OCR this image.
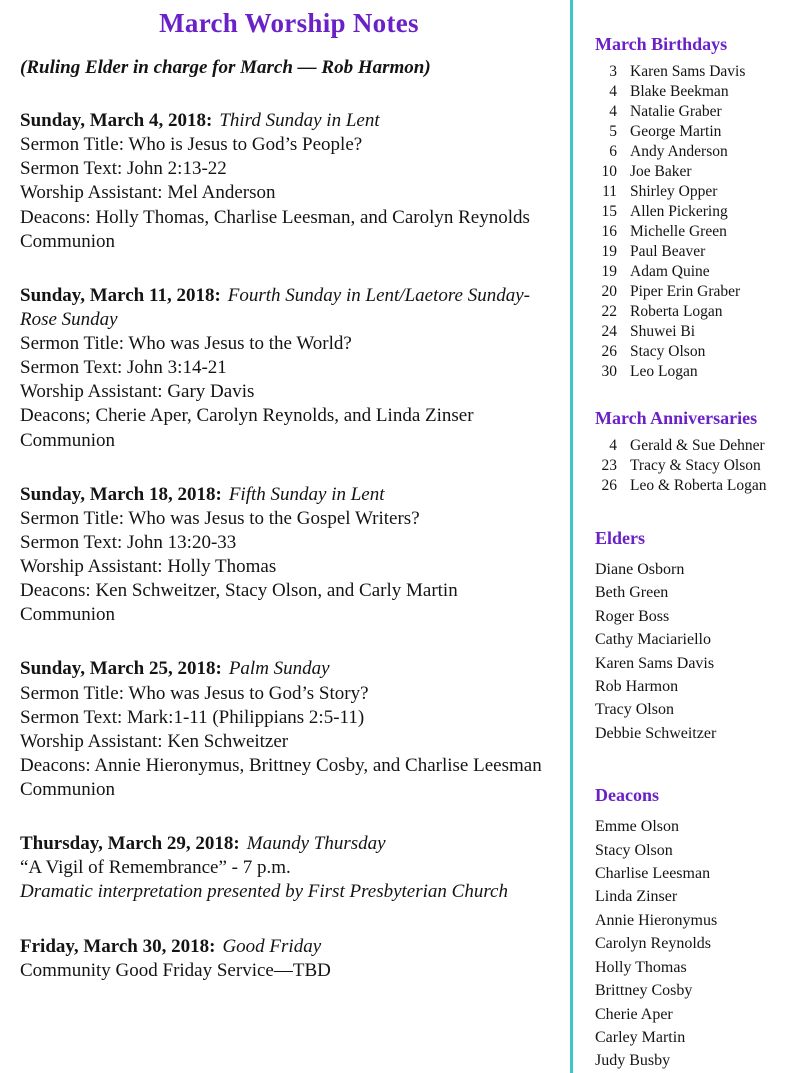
March Worship Notes

(Ruling Elder in charge for March — Rob Harmon)

Sunday, March 4, 2018: Third Sunday in Lent

Sermon Title: Who is Jesus to God’s People?

Sermon Text: John 2:13-22

Worship Assistant: Mel Anderson

Deacons: Holly Thomas, Charlise Leesman, and Carolyn Reynolds

Communion

Sunday, March 11, 2018: Fourth Sunday in Lent/Laetore Sunday-Rose Sunday

Sermon Title: Who was Jesus to the World?

Sermon Text: John 3:14-21

Worship Assistant: Gary Davis

Deacons; Cherie Aper, Carolyn Reynolds, and Linda Zinser

Communion

Sunday, March 18, 2018: Fifth Sunday in Lent

Sermon Title: Who was Jesus to the Gospel Writers?

Sermon Text: John 13:20-33

Worship Assistant: Holly Thomas

Deacons: Ken Schweitzer, Stacy Olson, and Carly Martin

Communion

Sunday, March 25, 2018: Palm Sunday

Sermon Title: Who was Jesus to God’s Story?

Sermon Text: Mark:1-11 (Philippians 2:5-11)

Worship Assistant: Ken Schweitzer

Deacons: Annie Hieronymus, Brittney Cosby, and Charlise Leesman

Communion

Thursday, March 29, 2018: Maundy Thursday

“A Vigil of Remembrance” - 7 p.m.

Dramatic interpretation presented by First Presbyterian Church

Friday, March 30, 2018: Good Friday

Community Good Friday Service—TBD

March Birthdays
3 Karen Sams Davis
4 Blake Beekman
4 Natalie Graber
5 George Martin
6 Andy Anderson
10 Joe Baker
11 Shirley Opper
15 Allen Pickering
16 Michelle Green
19 Paul Beaver
19 Adam Quine
20 Piper Erin Graber
22 Roberta Logan
24 Shuwei Bi
26 Stacy Olson
30 Leo Logan
March Anniversaries
4 Gerald & Sue Dehner
23 Tracy & Stacy Olson
26 Leo & Roberta Logan
Elders

Diane Osborn

Beth Green

Roger Boss

Cathy Maciariello

Karen Sams Davis

Rob Harmon

Tracy Olson

Debbie Schweitzer

Deacons

Emme Olson

Stacy Olson

Charlise Leesman

Linda Zinser

Annie Hieronymus

Carolyn Reynolds

Holly Thomas

Brittney Cosby

Cherie Aper

Carley Martin

Judy Busby
